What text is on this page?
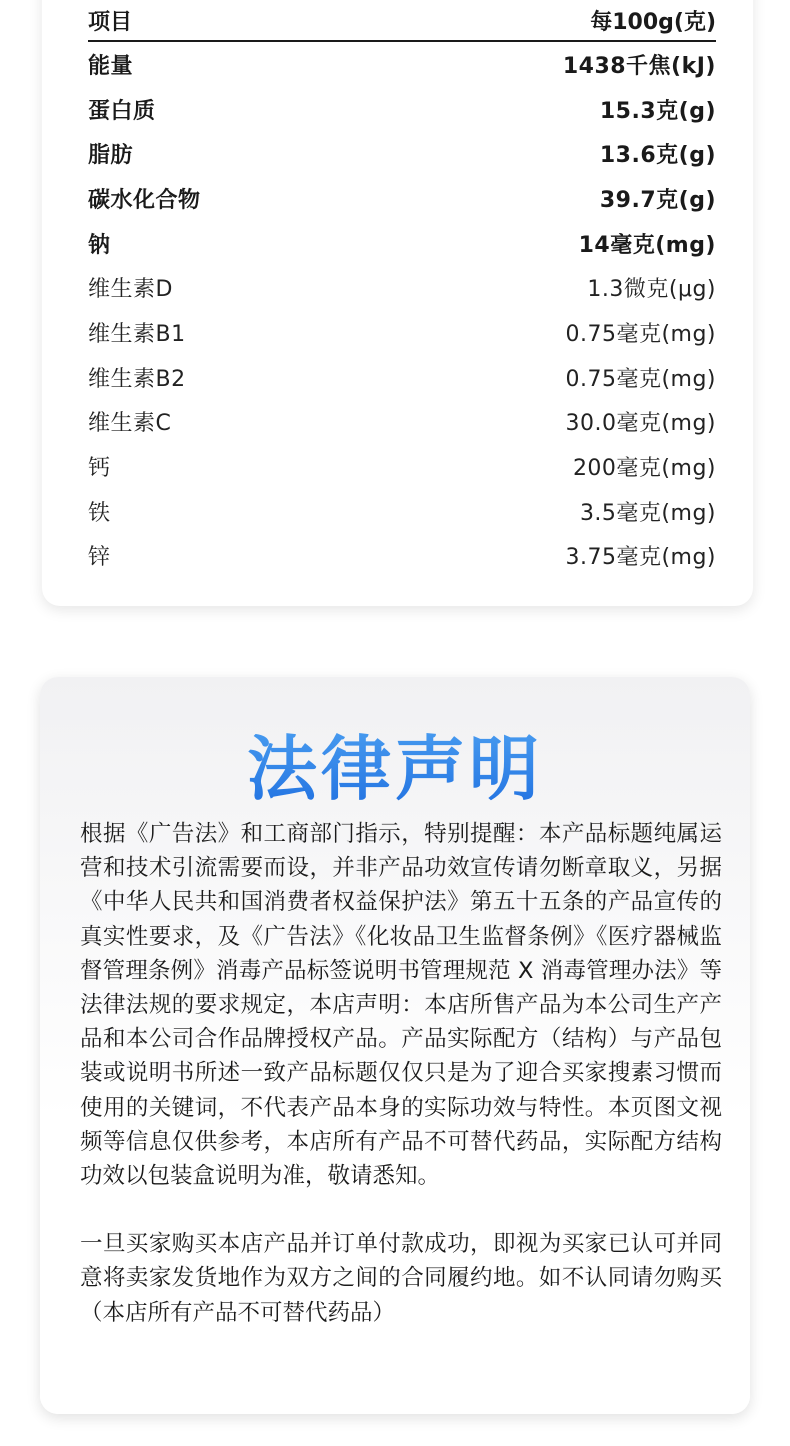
项目	每100g(克)
能量	1438千焦(kJ)
蛋白质	15.3克(g)
脂肪	13.6克(g)
碳水化合物	39.7克(g)
钠	14毫克(mg)
维生素D	1.3微克(μg)
维生素B1	0.75毫克(mg)
维生素B2	0.75毫克(mg)
维生素C	30.0毫克(mg)
钙	200毫克(mg)
铁	3.5毫克(mg)
锌	3.75毫克(mg)
法律声明

根据《广告法》和工商部门指示，特别提醒：本产品标题纯属运营和技术引流需要而设，并非产品功效宣传请勿断章取义，另据《中华人民共和国消费者权益保护法》第五十五条的产品宣传的真实性要求，及《广告法》《化妆品卫生监督条例》《医疗器械监督管理条例》消毒产品标签说明书管理规范 X 消毒管理办法》等法律法规的要求规定，本店声明：本店所售产品为本公司生产产品和本公司合作品牌授权产品。产品实际配方（结构）与产品包装或说明书所述一致产品标题仅仅只是为了迎合买家搜素习惯而使用的关键词，不代表产品本身的实际功效与特性。本页图文视频等信息仅供参考，本店所有产品不可替代药品，实际配方结构功效以包装盒说明为准，敬请悉知。

一旦买家购买本店产品并订单付款成功，即视为买家已认可并同意将卖家发货地作为双方之间的合同履约地。如不认同请勿购买（本店所有产品不可替代药品）
